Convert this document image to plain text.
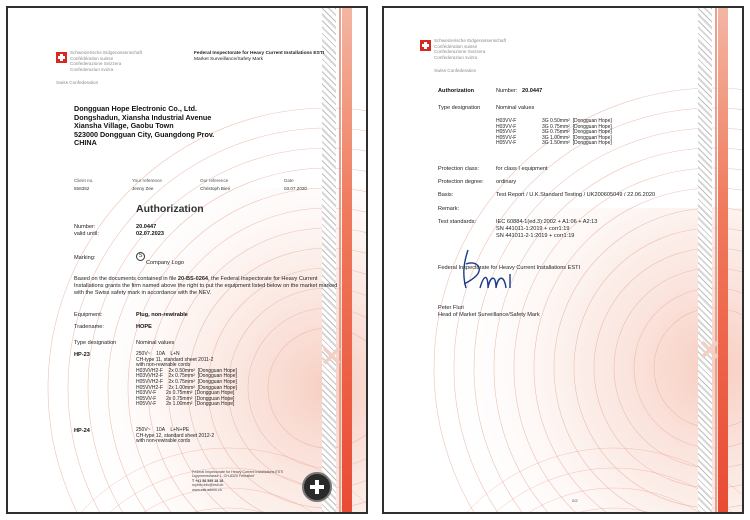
✕
Schweizerische Eidgenossenschaft
Confédération suisse
Confederazione Svizzera
Confederaziun svizra
Swiss Confederation
Federal Inspectorate for Heavy Current Installations ESTI
Market Surveillance/Safety Mark
Dongguan Hope Electronic Co., Ltd.
Dongshadun, Xiansha Industrial Avenue
Xiansha Village, Gaobu Town
523000 Dongguan City, Guangdong Prov.
CHINA
Client no.
558352
Your reference
Jenny Zee
Our reference
Christoph Bieri
Date
03.07.2020
Authorization
Number:	20.0447
valid until:	02.07.2023
Marking:	S
Company Logo
Based on the documents contained in file 20-BS-0264, the Federal Inspectorate for Heavy Current Installations grants the firm named above the right to put the equipment listed below on the market marked with the Swiss safety mark in accordance with the NEV.
Equipment:	Plug, non-rewirable
Tradename:	HOPE
Type designation	Nominal values
HP-23	250V~    10A    L+N
CH-type 11, standard sheet 2011-2
with non-rewirable cords
H03VVH2-F    2x 0.50mm²  [Dongguan Hope]
H03VVH2-F    2x 0.75mm²  [Dongguan Hope]
H05VVH2-F    2x 0.75mm²  [Dongguan Hope]
H05VVH2-F    2x 1.00mm²  [Dongguan Hope]
H03VV-F       2x 0.75mm²  [Dongguan Hope]
H05VV-F       2x 0.75mm²  [Dongguan Hope]
H05VV-F       2x 1.00mm²  [Dongguan Hope]
HP-24	250V~    10A    L+N+PE
CH-type 12, standard sheet 2012-2
with non-rewirable cords
Federal Inspectorate for Heavy Current Installations ESTI
Luppmenstrasse 1, CH-8320 Fehraltorf
T +41 58 595 18 18
myinfo.info@esti.ch
www.esti.admin.ch
✕
Schweizerische Eidgenossenschaft
Confédération suisse
Confederazione Svizzera
Confederaziun svizra
Swiss Confederation
Authorization	Number: 20.0447
Type designation	Nominal values
H03VV-F	3G 0.50mm²  [Dongguan Hope]
H03VV-F	3G 0.75mm²  [Dongguan Hope]
H05VV-F	3G 0.75mm²  [Dongguan Hope]
H05VV-F	3G 1.00mm²  [Dongguan Hope]
H05VV-F	3G 1.50mm²  [Dongguan Hope]
Protection class:	for class I equipment
Protection degree: ordinary
Basis:	Test Report / U.K.Standard Testing / UK200605049 / 22.06.2020
Remark:
Test standards:	IEC 60884-1(ed.3):2002 + A1:06 + A2:13
SN 441011-1:2019 + corr1:19
SN 441011-2-1:2019 + corr1:19
Federal Inspectorate for Heavy Current Installations ESTI
Peter Fluri
Head of Market Surveillance/Safety Mark
2/2
